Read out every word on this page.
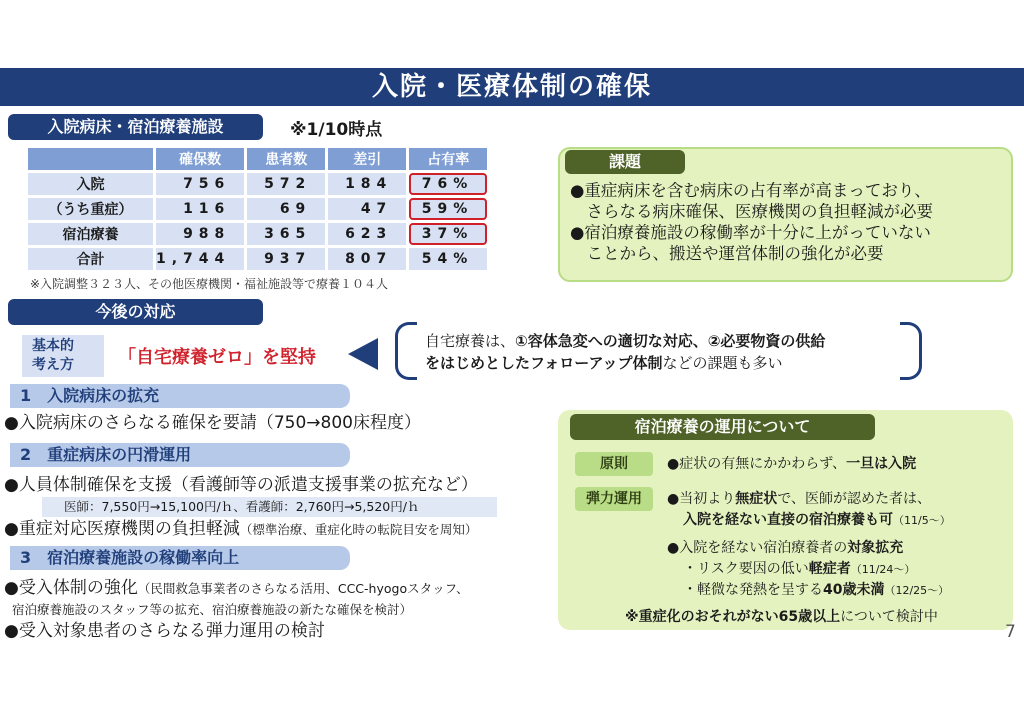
入院・医療体制の確保
入院病床・宿泊療養施設	※1/10時点
	確保数	患者数	差引	占有率
入院	756	572	184	76%
（うち重症）	116	69	47	59%
宿泊療養	988	365	623	37%
合計	1,744	937	807	54%
※入院調整３２３人、その他医療機関・福祉施設等で療養１０４人
課題
●重症病床を含む病床の占有率が高まっており、
　さらなる病床確保、医療機関の負担軽減が必要
●宿泊療養施設の稼働率が十分に上がっていない
　ことから、搬送や運営体制の強化が必要
今後の対応
基本的
考え方	「自宅療養ゼロ」を堅持
自宅療養は、①容体急変への適切な対応、②必要物資の供給
をはじめとしたフォローアップ体制などの課題も多い
1　入院病床の拡充
●入院病床のさらなる確保を要請（750→800床程度）
2　重症病床の円滑運用
●人員体制確保を支援（看護師等の派遣支援事業の拡充など）
医師：7,550円→15,100円/ｈ、看護師：2,760円→5,520円/ｈ
●重症対応医療機関の負担軽減（標準治療、重症化時の転院目安を周知）
3　宿泊療養施設の稼働率向上
●受入体制の強化（民間救急事業者のさらなる活用、CCC-hyogoスタッフ、
宿泊療養施設のスタッフ等の拡充、宿泊療養施設の新たな確保を検討）
●受入対象患者のさらなる弾力運用の検討
宿泊療養の運用について
原則	●症状の有無にかかわらず、一旦は入院
弾力運用	●当初より無症状で、医師が認めた者は、
入院を経ない直接の宿泊療養も可（11/5～）
●入院を経ない宿泊療養者の対象拡充
・リスク要因の低い軽症者（11/24～）
・軽微な発熱を呈する40歳未満（12/25～）
※重症化のおそれがない65歳以上について検討中
7
